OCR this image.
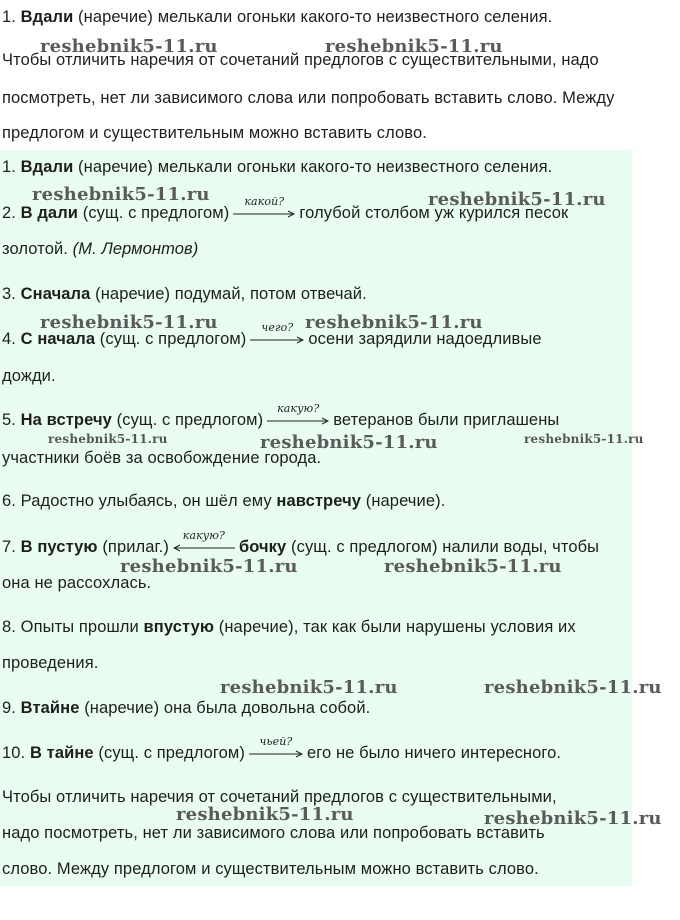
1. Вдали (наречие) мелькали огоньки какого-то неизвестного селения.
Чтобы отличить наречия от сочетаний предлогов с существительными, надо
посмотреть, нет ли зависимого слова или попробовать вставить слово. Между
предлогом и существительным можно вставить слово.
1. Вдали (наречие) мелькали огоньки какого-то неизвестного селения.
2. В дали (сущ. с предлогом)
какой?
голубой столбом уж курился песок
золотой. (М. Лермонтов)
3. Сначала (наречие) подумай, потом отвечай.
4. С начала (сущ. с предлогом)
чего?
осени зарядили надоедливые
дожди.
5. На встречу (сущ. с предлогом)
какую?
ветеранов были приглашены
участники боёв за освобождение города.
6. Радостно улыбаясь, он шёл ему навстречу (наречие).
7. В пустую (прилаг.)
какую?
бочку (сущ. с предлогом) налили воды, чтобы
она не рассохлась.
8. Опыты прошли впустую (наречие), так как были нарушены условия их
проведения.
9. Втайне (наречие) она была довольна собой.
10. В тайне (сущ. с предлогом)
чьей?
его не было ничего интересного.
Чтобы отличить наречия от сочетаний предлогов с существительными,
надо посмотреть, нет ли зависимого слова или попробовать вставить
слово. Между предлогом и существительным можно вставить слово.
reshebnik5-11.ru	reshebnik5-11.ru
reshebnik5-11.ru	reshebnik5-11.ru
reshebnik5-11.ru	reshebnik5-11.ru
reshebnik5-11.ru	reshebnik5-11.ru	reshebnik5-11.ru
reshebnik5-11.ru	reshebnik5-11.ru
reshebnik5-11.ru	reshebnik5-11.ru
reshebnik5-11.ru	reshebnik5-11.ru
